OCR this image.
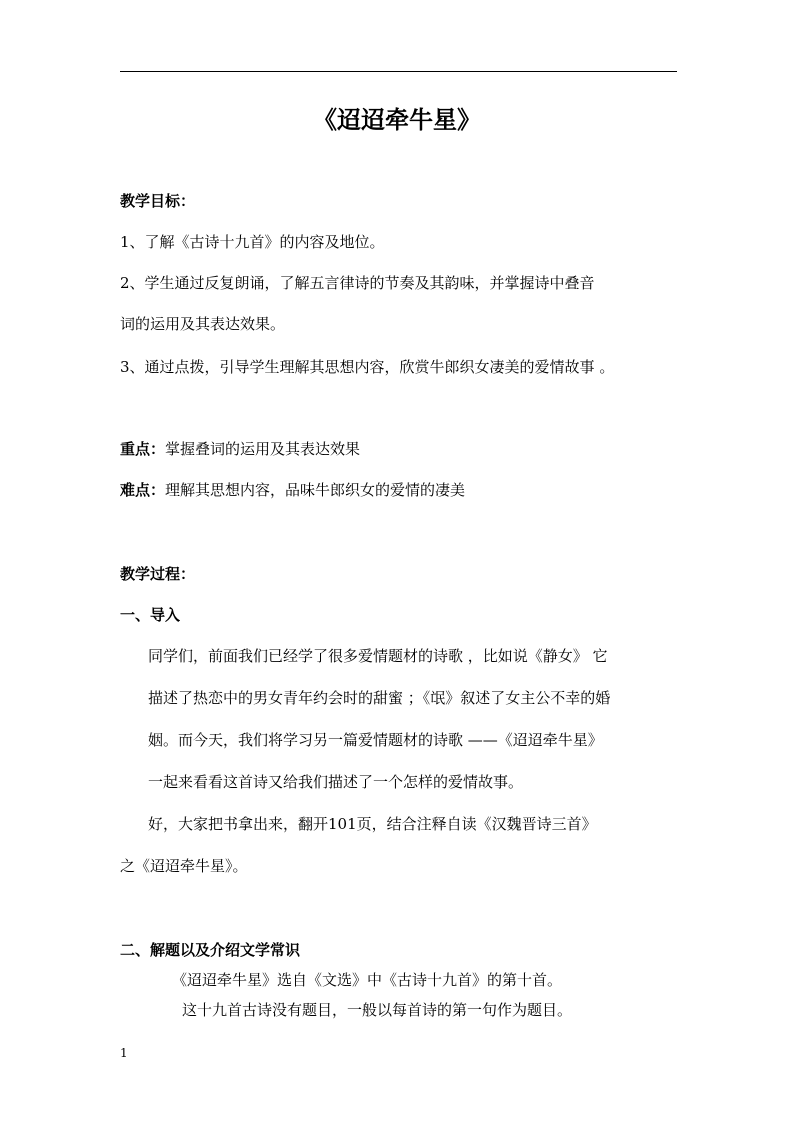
《迢迢牵牛星》
教学目标：
1、了解《古诗十九首》的内容及地位。
2、学生通过反复朗诵，了解五言律诗的节奏及其韵味，并掌握诗中叠音
词的运用及其表达效果。
3、通过点拨，引导学生理解其思想内容，欣赏牛郎织女凄美的爱情故事 。
重点：掌握叠词的运用及其表达效果
难点：理解其思想内容，品味牛郎织女的爱情的凄美
教学过程：
一、导入
同学们，前面我们已经学了很多爱情题材的诗歌 ，比如说《静女》 它
描述了热恋中的男女青年约会时的甜蜜 ；《氓》叙述了女主公不幸的婚
姻。而今天，我们将学习另一篇爱情题材的诗歌 ——《迢迢牵牛星》
一起来看看这首诗又给我们描述了一个怎样的爱情故事。
好，大家把书拿出来，翻开101页，结合注释自读《汉魏晋诗三首》
之《迢迢牵牛星》。
二、解题以及介绍文学常识
《迢迢牵牛星》选自《文选》中《古诗十九首》的第十首。
这十九首古诗没有题目，一般以每首诗的第一句作为题目。
1
